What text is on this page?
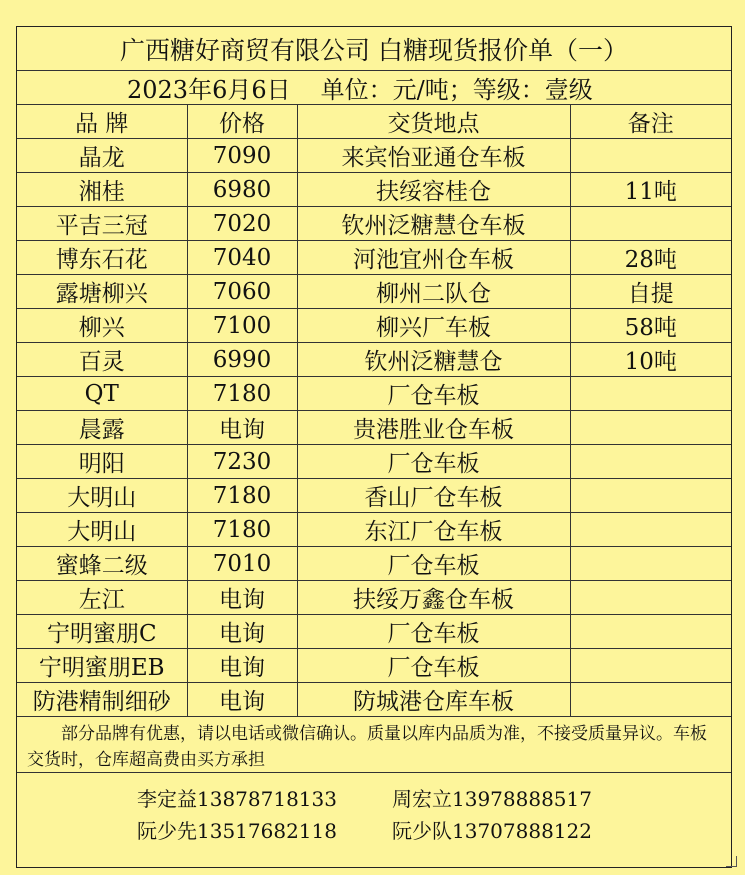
广西糖好商贸有限公司 白糖现货报价单（一）
2023年6月6日 单位：元/吨；等级：壹级
品 牌	价格	交货地点	备注
晶龙	7090	来宾怡亚通仓车板	
湘桂	6980	扶绥容桂仓	11吨
平吉三冠	7020	钦州泛糖慧仓车板	
博东石花	7040	河池宜州仓车板	28吨
露塘柳兴	7060	柳州二队仓	自提
柳兴	7100	柳兴厂车板	58吨
百灵	6990	钦州泛糖慧仓	10吨
QT	7180	厂仓车板	
晨露	电询	贵港胜业仓车板	
明阳	7230	厂仓车板	
大明山	7180	香山厂仓车板	
大明山	7180	东江厂仓车板	
蜜蜂二级	7010	厂仓车板	
左江	电询	扶绥万鑫仓车板	
宁明蜜朋C	电询	厂仓车板	
宁明蜜朋EB	电询	厂仓车板	
防港精制细砂	电询	防城港仓库车板	
部分品牌有优惠，请以电话或微信确认。质量以库内品质为准，不接受质量异议。车板交货时，仓库超高费由买方承担
李定益13878718133	周宏立13978888517
阮少先13517682118	阮少队13707888122
